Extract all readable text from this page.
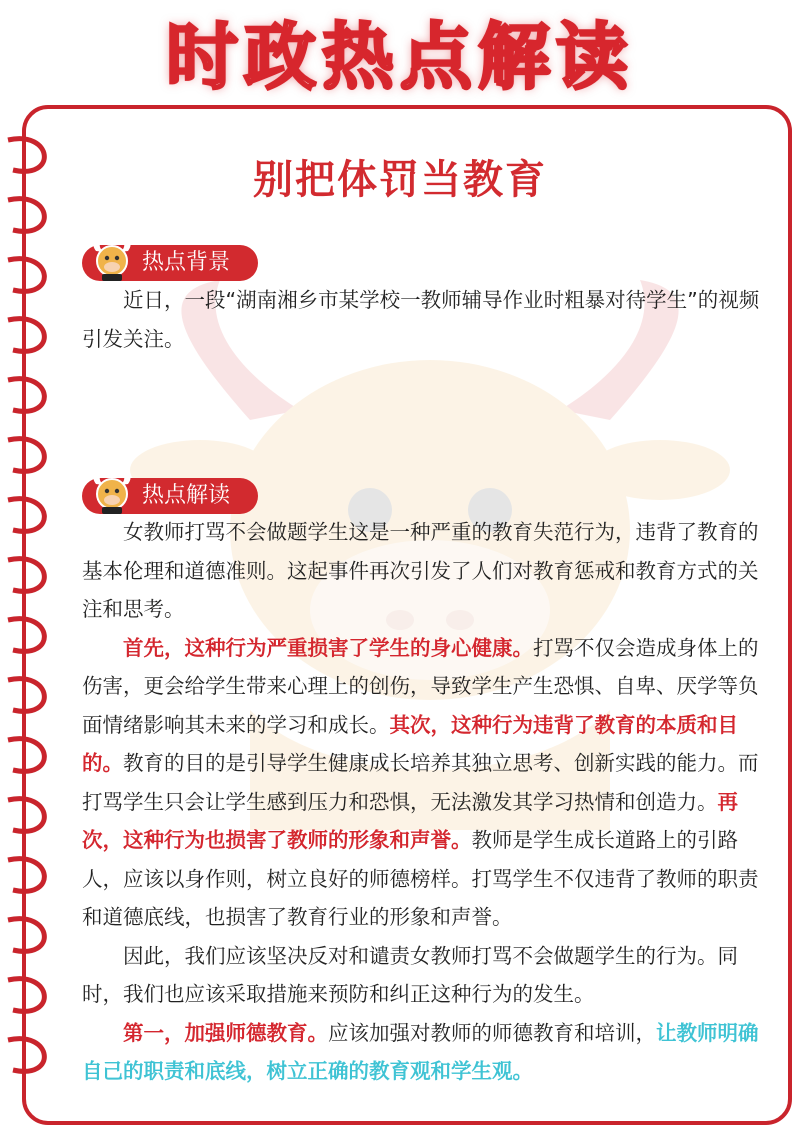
时政热点解读
别把体罚当教育
热点背景

近日，一段“湖南湘乡市某学校一教师辅导作业时粗暴对待学生”的视频引发关注。

热点解读

女教师打骂不会做题学生这是一种严重的教育失范行为，违背了教育的基本伦理和道德准则。这起事件再次引发了人们对教育惩戒和教育方式的关注和思考。

首先，这种行为严重损害了学生的身心健康。打骂不仅会造成身体上的伤害，更会给学生带来心理上的创伤，导致学生产生恐惧、自卑、厌学等负面情绪影响其未来的学习和成长。其次，这种行为违背了教育的本质和目的。教育的目的是引导学生健康成长培养其独立思考、创新实践的能力。而打骂学生只会让学生感到压力和恐惧，无法激发其学习热情和创造力。再次，这种行为也损害了教师的形象和声誉。教师是学生成长道路上的引路人，应该以身作则，树立良好的师德榜样。打骂学生不仅违背了教师的职责和道德底线，也损害了教育行业的形象和声誉。

因此，我们应该坚决反对和谴责女教师打骂不会做题学生的行为。同时，我们也应该采取措施来预防和纠正这种行为的发生。

第一，加强师德教育。应该加强对教师的师德教育和培训，让教师明确自己的职责和底线，树立正确的教育观和学生观。
